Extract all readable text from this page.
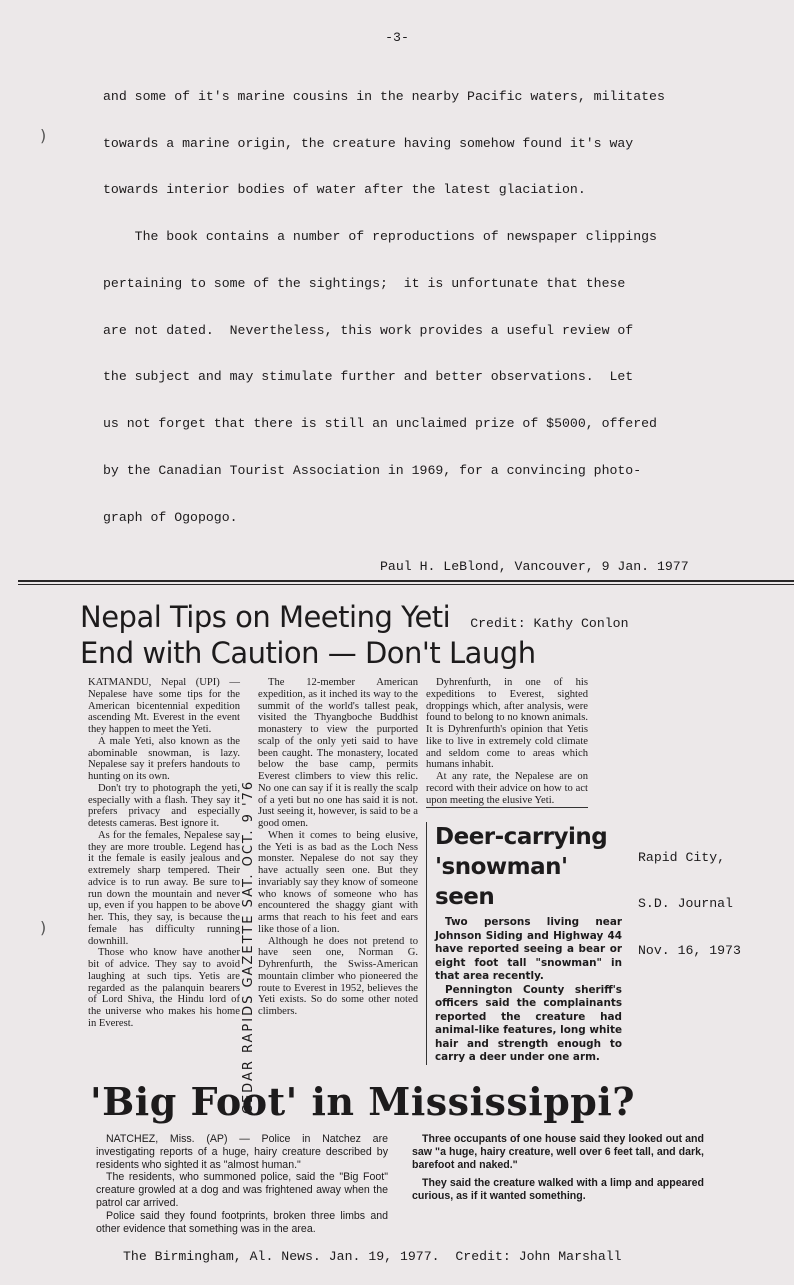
)
)
-3-

and some of it's marine cousins in the nearby Pacific waters, militates

towards a marine origin, the creature having somehow found it's way

towards interior bodies of water after the latest glaciation.

The book contains a number of reproductions of newspaper clippings

pertaining to some of the sightings;  it is unfortunate that these

are not dated.  Nevertheless, this work provides a useful review of

the subject and may stimulate further and better observations.  Let

us not forget that there is still an unclaimed prize of $5000, offered

by the Canadian Tourist Association in 1969, for a convincing photo-

graph of Ogopogo.

Paul H. LeBlond, Vancouver, 9 Jan. 1977
Nepal Tips on Meeting Yeti Credit: Kathy Conlon
End with Caution — Don't Laugh

KATMANDU, Nepal (UPI) — Nepalese have some tips for the American bicentennial expedition ascending Mt. Everest in the event they happen to meet the Yeti.

A male Yeti, also known as the abominable snowman, is lazy. Nepalese say it prefers handouts to hunting on its own.

Don't try to photograph the yeti, especially with a flash. They say it prefers privacy and especially detests cameras. Best ignore it.

As for the females, Nepalese say they are more trouble. Legend has it the female is easily jealous and extremely sharp tempered. Their advice is to run away. Be sure to run down the mountain and never up, even if you happen to be above her. This, they say, is because the female has difficulty running downhill.

Those who know have another bit of advice. They say to avoid laughing at such tips. Yetis are regarded as the palanquin bearers of Lord Shiva, the Hindu lord of the universe who makes his home in Everest.	CEDAR RAPIDS GAZETTE SAT. OCT. 9 '76

The 12-member American expedition, as it inched its way to the summit of the world's tallest peak, visited the Thyangboche Buddhist monastery to view the purported scalp of the only yeti said to have been caught. The monastery, located below the base camp, permits Everest climbers to view this relic. No one can say if it is really the scalp of a yeti but no one has said it is not. Just seeing it, however, is said to be a good omen.

When it comes to being elusive, the Yeti is as bad as the Loch Ness monster. Nepalese do not say they have actually seen one. But they invariably say they know of someone who knows of someone who has encountered the shaggy giant with arms that reach to his feet and ears like those of a lion.

Although he does not pretend to have seen one, Norman G. Dyhrenfurth, the Swiss-American mountain climber who pioneered the route to Everest in 1952, believes the Yeti exists. So do some other noted climbers.

Dyhrenfurth, in one of his expeditions to Everest, sighted droppings which, after analysis, were found to belong to no known animals. It is Dyhrenfurth's opinion that Yetis like to live in extremely cold climate and seldom come to areas which humans inhabit.

At any rate, the Nepalese are on record with their advice on how to act upon meeting the elusive Yeti.

Deer-carrying
'snowman' seen

Two persons living near Johnson Siding and Highway 44 have reported seeing a bear or eight foot tall "snowman" in that area recently.

Pennington County sheriff's officers said the complainants reported the creature had animal-like features, long white hair and strength enough to carry a deer under one arm.

Rapid City,

S.D. Journal

Nov. 16, 1973

'Big Foot' in Mississippi?

NATCHEZ, Miss. (AP) — Police in Natchez are investigating reports of a huge, hairy creature described by residents who sighted it as "almost human."

The residents, who summoned police, said the "Big Foot" creature growled at a dog and was frightened away when the patrol car arrived.

Police said they found footprints, broken three limbs and other evidence that something was in the area.

Three occupants of one house said they looked out and saw "a huge, hairy creature, well over 6 feet tall, and dark, barefoot and naked."

They said the creature walked with a limp and appeared curious, as if it wanted something.

The Birmingham, Al. News. Jan. 19, 1977.  Credit: John Marshall
